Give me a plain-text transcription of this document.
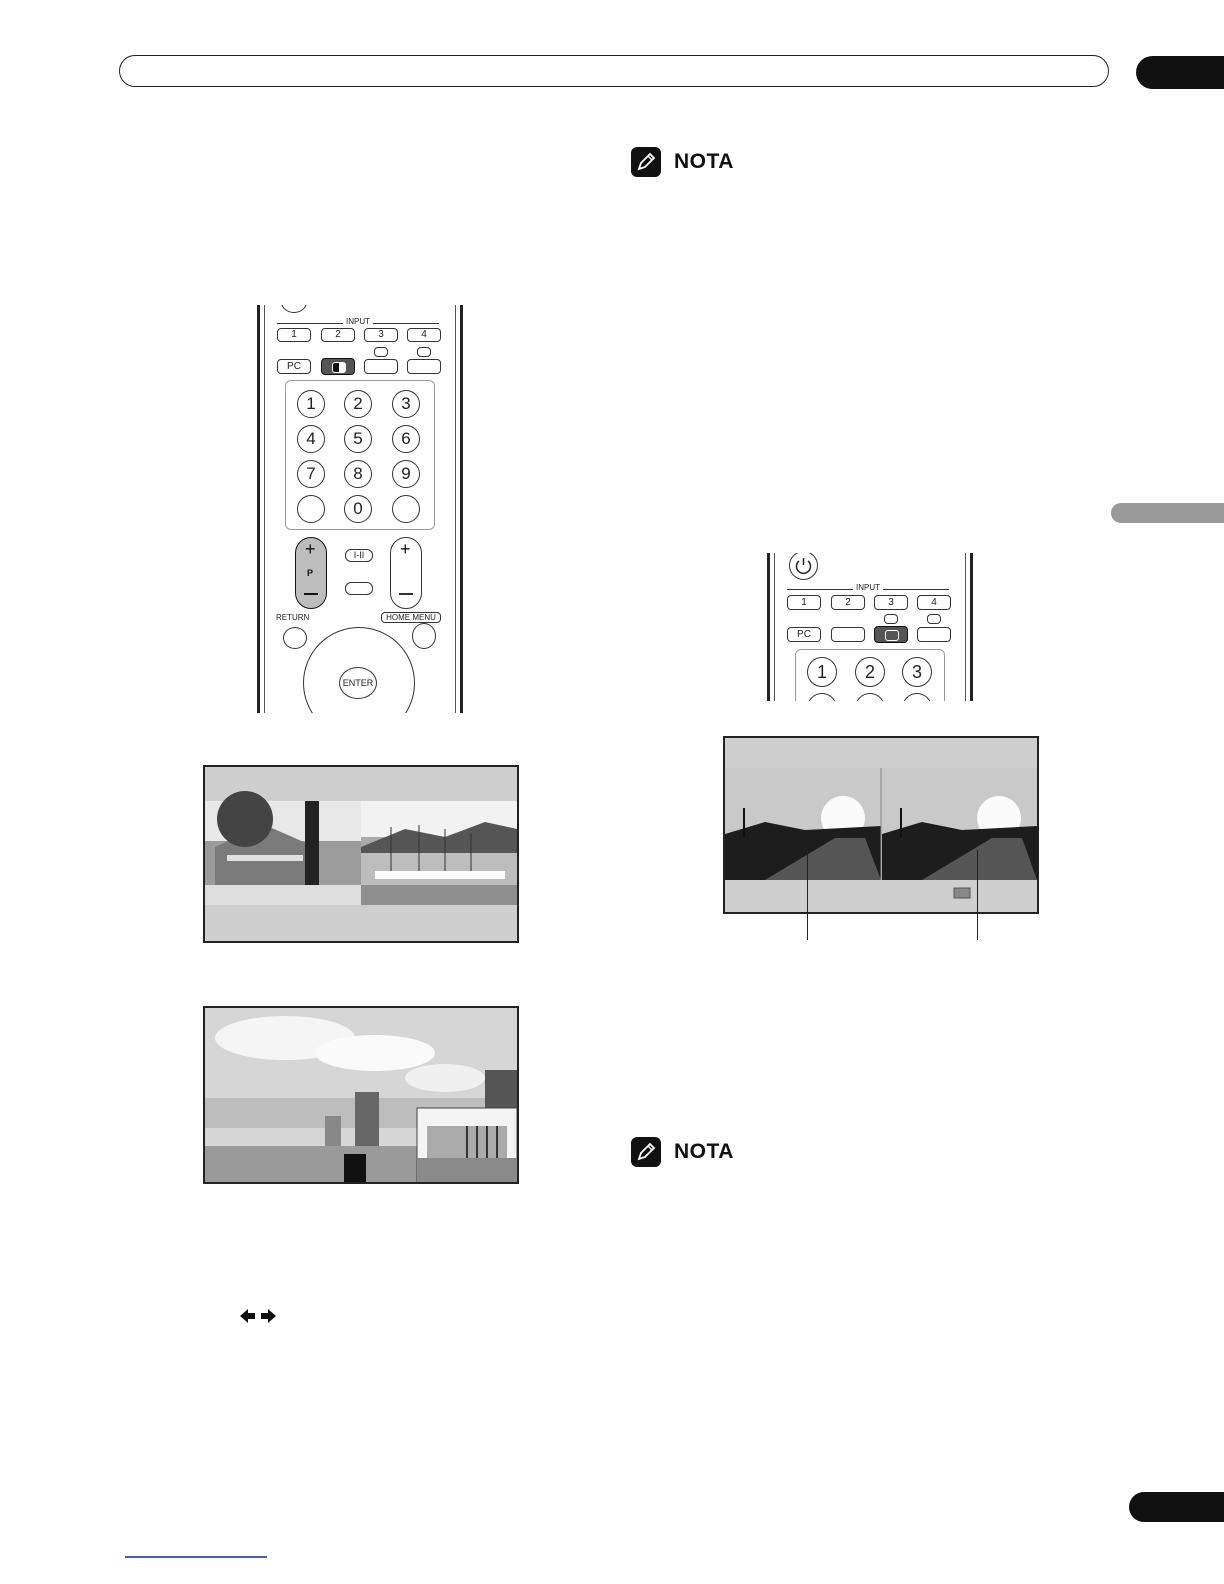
NOTA
NOTA
INPUT
1	2	3	4
PC
1	2	3
4	5	6
7	8	9
0
+
P
I-II	+
RETURN	HOME MENU
ENTER
INPUT
1	2	3	4
PC
1	2	3
